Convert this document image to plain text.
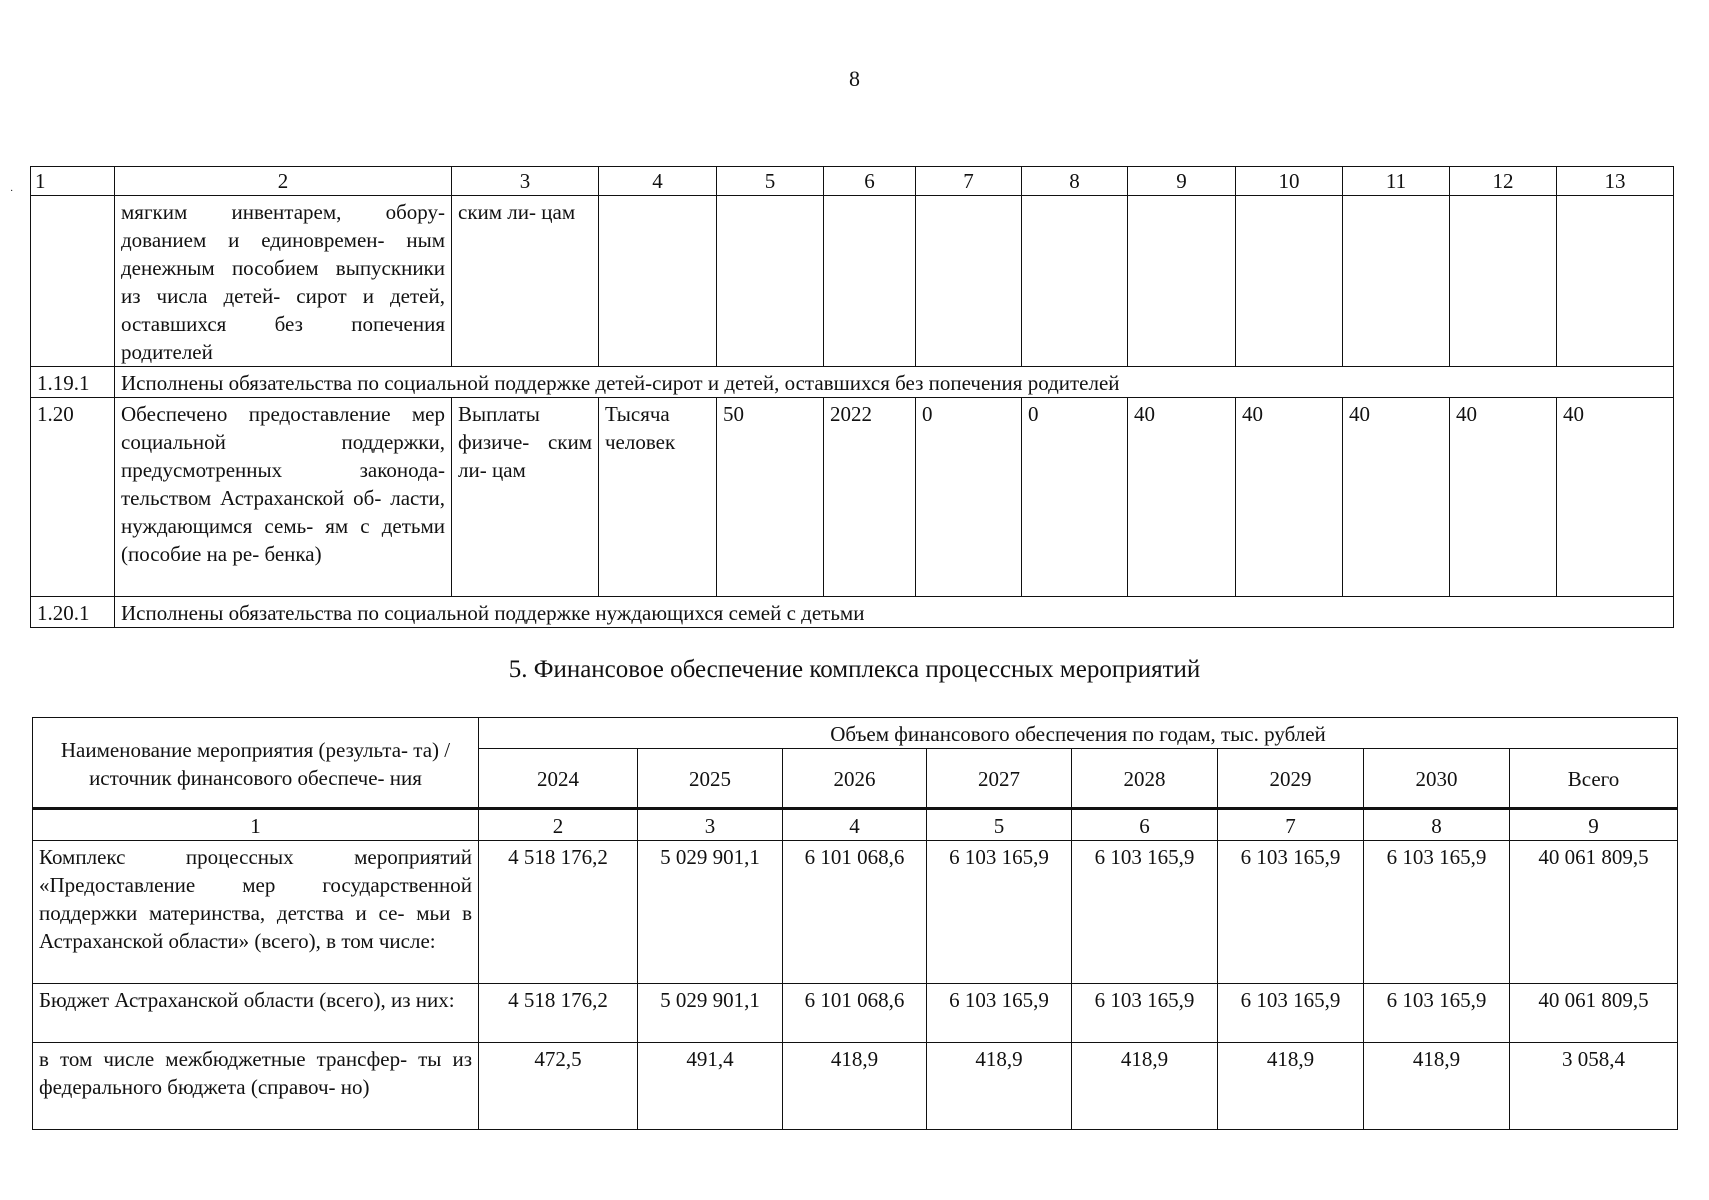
8
· 1	2	3	4	5	6	7	8	9	10	11	12	13
	мягким инвентарем, обору- дованием и единовремен- ным денежным пособием выпускники из числа детей- сирот и детей, оставшихся без попечения родителей	ским ли- цам										
1.19.1	Исполнены обязательства по социальной поддержке детей-сирот и детей, оставшихся без попечения родителей											
1.20	Обеспечено предоставление мер социальной поддержки, предусмотренных законода- тельством Астраханской об- ласти, нуждающимся семь- ям с детьми (пособие на ре- бенка)	Выплаты физиче- ским ли- цам	Тысяча человек	50	2022	0	0	40	40	40	40	40
1.20.1	Исполнены обязательства по социальной поддержке нуждающихся семей с детьми											
5. Финансовое обеспечение комплекса процессных мероприятий
Наименование мероприятия (результа- та) / источник финансового обеспече- ния	Объем финансового обеспечения по годам, тыс. рублей							
	2024	2025	2026	2027	2028	2029	2030	Всего
1	2	3	4	5	6	7	8	9
Комплекс процессных мероприятий «Предоставление мер государственной поддержки материнства, детства и се- мьи в Астраханской области» (всего), в том числе:	4 518 176,2	5 029 901,1	6 101 068,6	6 103 165,9	6 103 165,9	6 103 165,9	6 103 165,9	40 061 809,5
Бюджет Астраханской области (всего), из них:	4 518 176,2	5 029 901,1	6 101 068,6	6 103 165,9	6 103 165,9	6 103 165,9	6 103 165,9	40 061 809,5
в том числе межбюджетные трансфер- ты из федерального бюджета (справоч- но)	472,5	491,4	418,9	418,9	418,9	418,9	418,9	3 058,4
